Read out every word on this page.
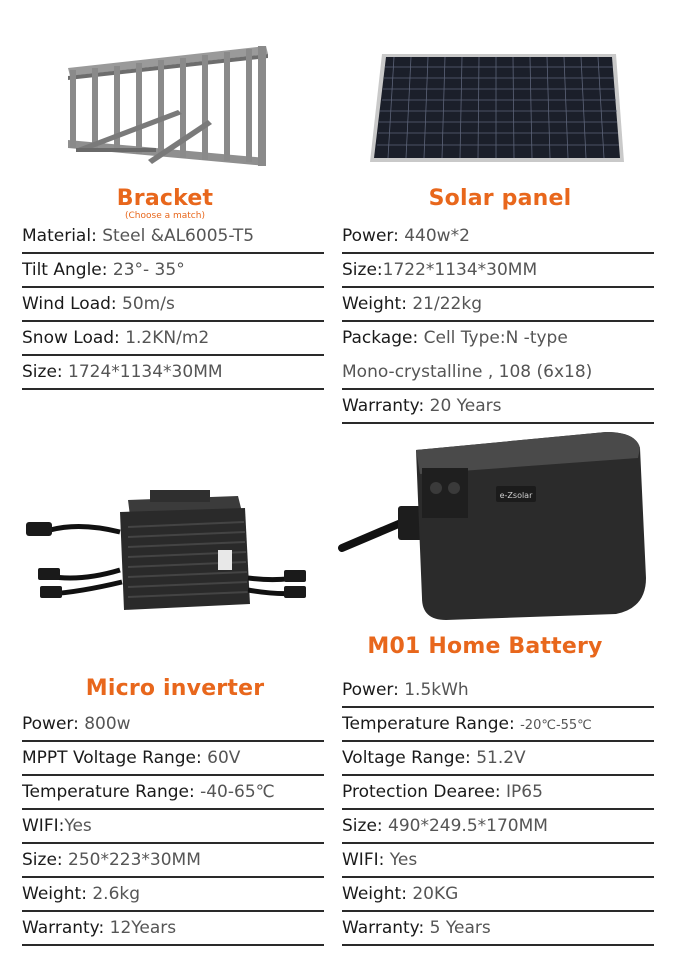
Bracket
(Choose a match)
Material: Steel &AL6005-T5
Tilt Angle: 23°- 35°
Wind Load: 50m/s
Snow Load: 1.2KN/m2
Size: 1724*1134*30MM
Solar panel
Power: 440w*2
Size:1722*1134*30MM
Weight: 21/22kg
Package: Cell Type:N -type
Mono-crystalline , 108 (6x18)
Warranty: 20 Years
e-Zsolar
Micro inverter
Power: 800w
MPPT Voltage Range: 60V
Temperature Range: -40-65℃
WIFI:Yes
Size: 250*223*30MM
Weight: 2.6kg
Warranty: 12Years
M01 Home Battery
Power: 1.5kWh
Temperature Range: -20℃-55℃
Voltage Range: 51.2V
Protection Dearee: IP65
Size: 490*249.5*170MM
WIFI: Yes
Weight: 20KG
Warranty: 5 Years
